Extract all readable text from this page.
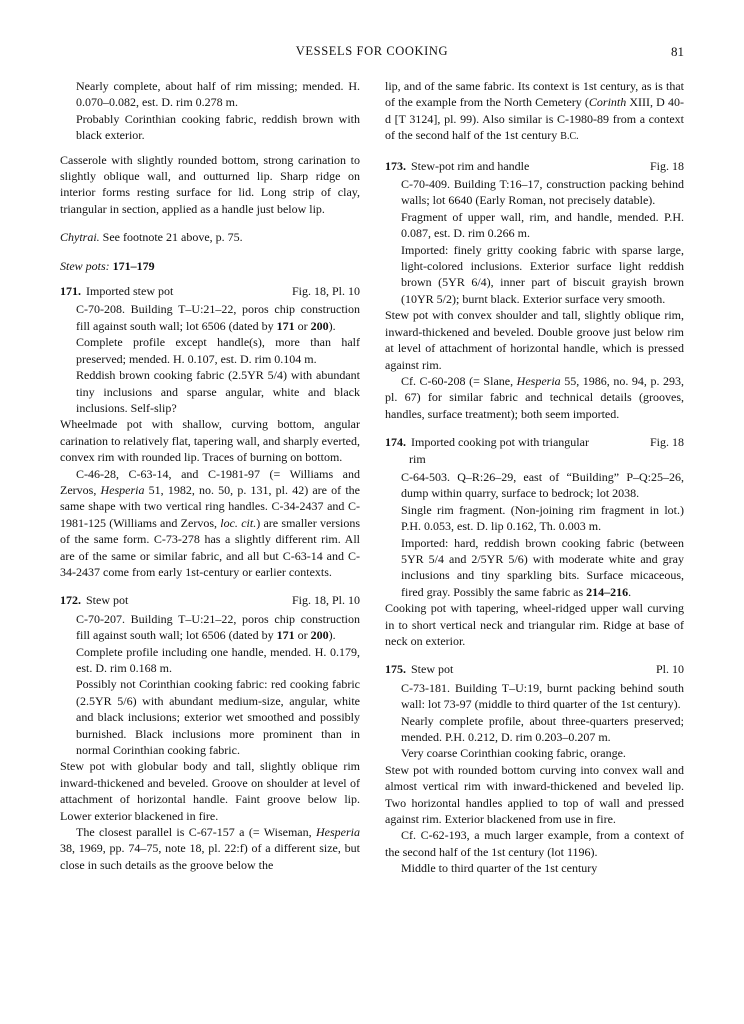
VESSELS FOR COOKING	81

Nearly complete, about half of rim missing; mended. H. 0.070–0.082, est. D. rim 0.278 m.

Probably Corinthian cooking fabric, reddish brown with black exterior.

Casserole with slightly rounded bottom, strong carination to slightly oblique wall, and outturned lip. Sharp ridge on interior forms resting surface for lid. Long strip of clay, triangular in section, applied as a handle just below lip.

Chytrai. See footnote 21 above, p. 75.

Stew pots: 171–179

171. Imported stew pot	Fig. 18, Pl. 10

C-70-208. Building T–U:21–22, poros chip construction fill against south wall; lot 6506 (dated by 171 or 200).

Complete profile except handle(s), more than half preserved; mended. H. 0.107, est. D. rim 0.104 m.

Reddish brown cooking fabric (2.5YR 5/4) with abundant tiny inclusions and sparse angular, white and black inclusions. Self-slip?

Wheelmade pot with shallow, curving bottom, angular carination to relatively flat, tapering wall, and sharply everted, convex rim with rounded lip. Traces of burning on bottom.

C-46-28, C-63-14, and C-1981-97 (= Williams and Zervos, Hesperia 51, 1982, no. 50, p. 131, pl. 42) are of the same shape with two vertical ring handles. C-34-2437 and C-1981-125 (Williams and Zervos, loc. cit.) are smaller versions of the same form. C-73-278 has a slightly different rim. All are of the same or similar fabric, and all but C-63-14 and C-34-2437 come from early 1st-century or earlier contexts.

172. Stew pot	Fig. 18, Pl. 10

C-70-207. Building T–U:21–22, poros chip construction fill against south wall; lot 6506 (dated by 171 or 200).

Complete profile including one handle, mended. H. 0.179, est. D. rim 0.168 m.

Possibly not Corinthian cooking fabric: red cooking fabric (2.5YR 5/6) with abundant medium-size, angular, white and black inclusions; exterior wet smoothed and possibly burnished. Black inclusions more prominent than in normal Corinthian cooking fabric.

Stew pot with globular body and tall, slightly oblique rim inward-thickened and beveled. Groove on shoulder at level of attachment of horizontal handle. Faint groove below lip. Lower exterior blackened in fire.

The closest parallel is C-67-157 a (= Wiseman, Hesperia 38, 1969, pp. 74–75, note 18, pl. 22:f) of a different size, but close in such details as the groove below the

lip, and of the same fabric. Its context is 1st century, as is that of the example from the North Cemetery (Corinth XIII, D 40-d [T 3124], pl. 99). Also similar is C-1980-89 from a context of the second half of the 1st century B.C.

173. Stew-pot rim and handle	Fig. 18

C-70-409. Building T:16–17, construction packing behind walls; lot 6640 (Early Roman, not precisely datable).

Fragment of upper wall, rim, and handle, mended. P.H. 0.087, est. D. rim 0.266 m.

Imported: finely gritty cooking fabric with sparse large, light-colored inclusions. Exterior surface light reddish brown (5YR 6/4), inner part of biscuit grayish brown (10YR 5/2); burnt black. Exterior surface very smooth.

Stew pot with convex shoulder and tall, slightly oblique rim, inward-thickened and beveled. Double groove just below rim at level of attachment of horizontal handle, which is pressed against rim.

Cf. C-60-208 (= Slane, Hesperia 55, 1986, no. 94, p. 293, pl. 67) for similar fabric and technical details (grooves, handles, surface treatment); both seem imported.

174. Imported cooking pot with triangular
rim
Fig. 18

C-64-503. Q–R:26–29, east of “Building” P–Q:25–26, dump within quarry, surface to bedrock; lot 2038.

Single rim fragment. (Non-joining rim fragment in lot.) P.H. 0.053, est. D. lip 0.162, Th. 0.003 m.

Imported: hard, reddish brown cooking fabric (between 5YR 5/4 and 2/5YR 5/6) with moderate white and gray inclusions and tiny sparkling bits. Surface micaceous, fired gray. Possibly the same fabric as 214–216.

Cooking pot with tapering, wheel-ridged upper wall curving in to short vertical neck and triangular rim. Ridge at base of neck on exterior.

175. Stew pot	Pl. 10

C-73-181. Building T–U:19, burnt packing behind south wall: lot 73-97 (middle to third quarter of the 1st century).

Nearly complete profile, about three-quarters preserved; mended. P.H. 0.212, D. rim 0.203–0.207 m.

Very coarse Corinthian cooking fabric, orange.

Stew pot with rounded bottom curving into convex wall and almost vertical rim with inward-thickened and beveled lip. Two horizontal handles applied to top of wall and pressed against rim. Exterior blackened from use in fire.

Cf. C-62-193, a much larger example, from a context of the second half of the 1st century (lot 1196).

Middle to third quarter of the 1st century
